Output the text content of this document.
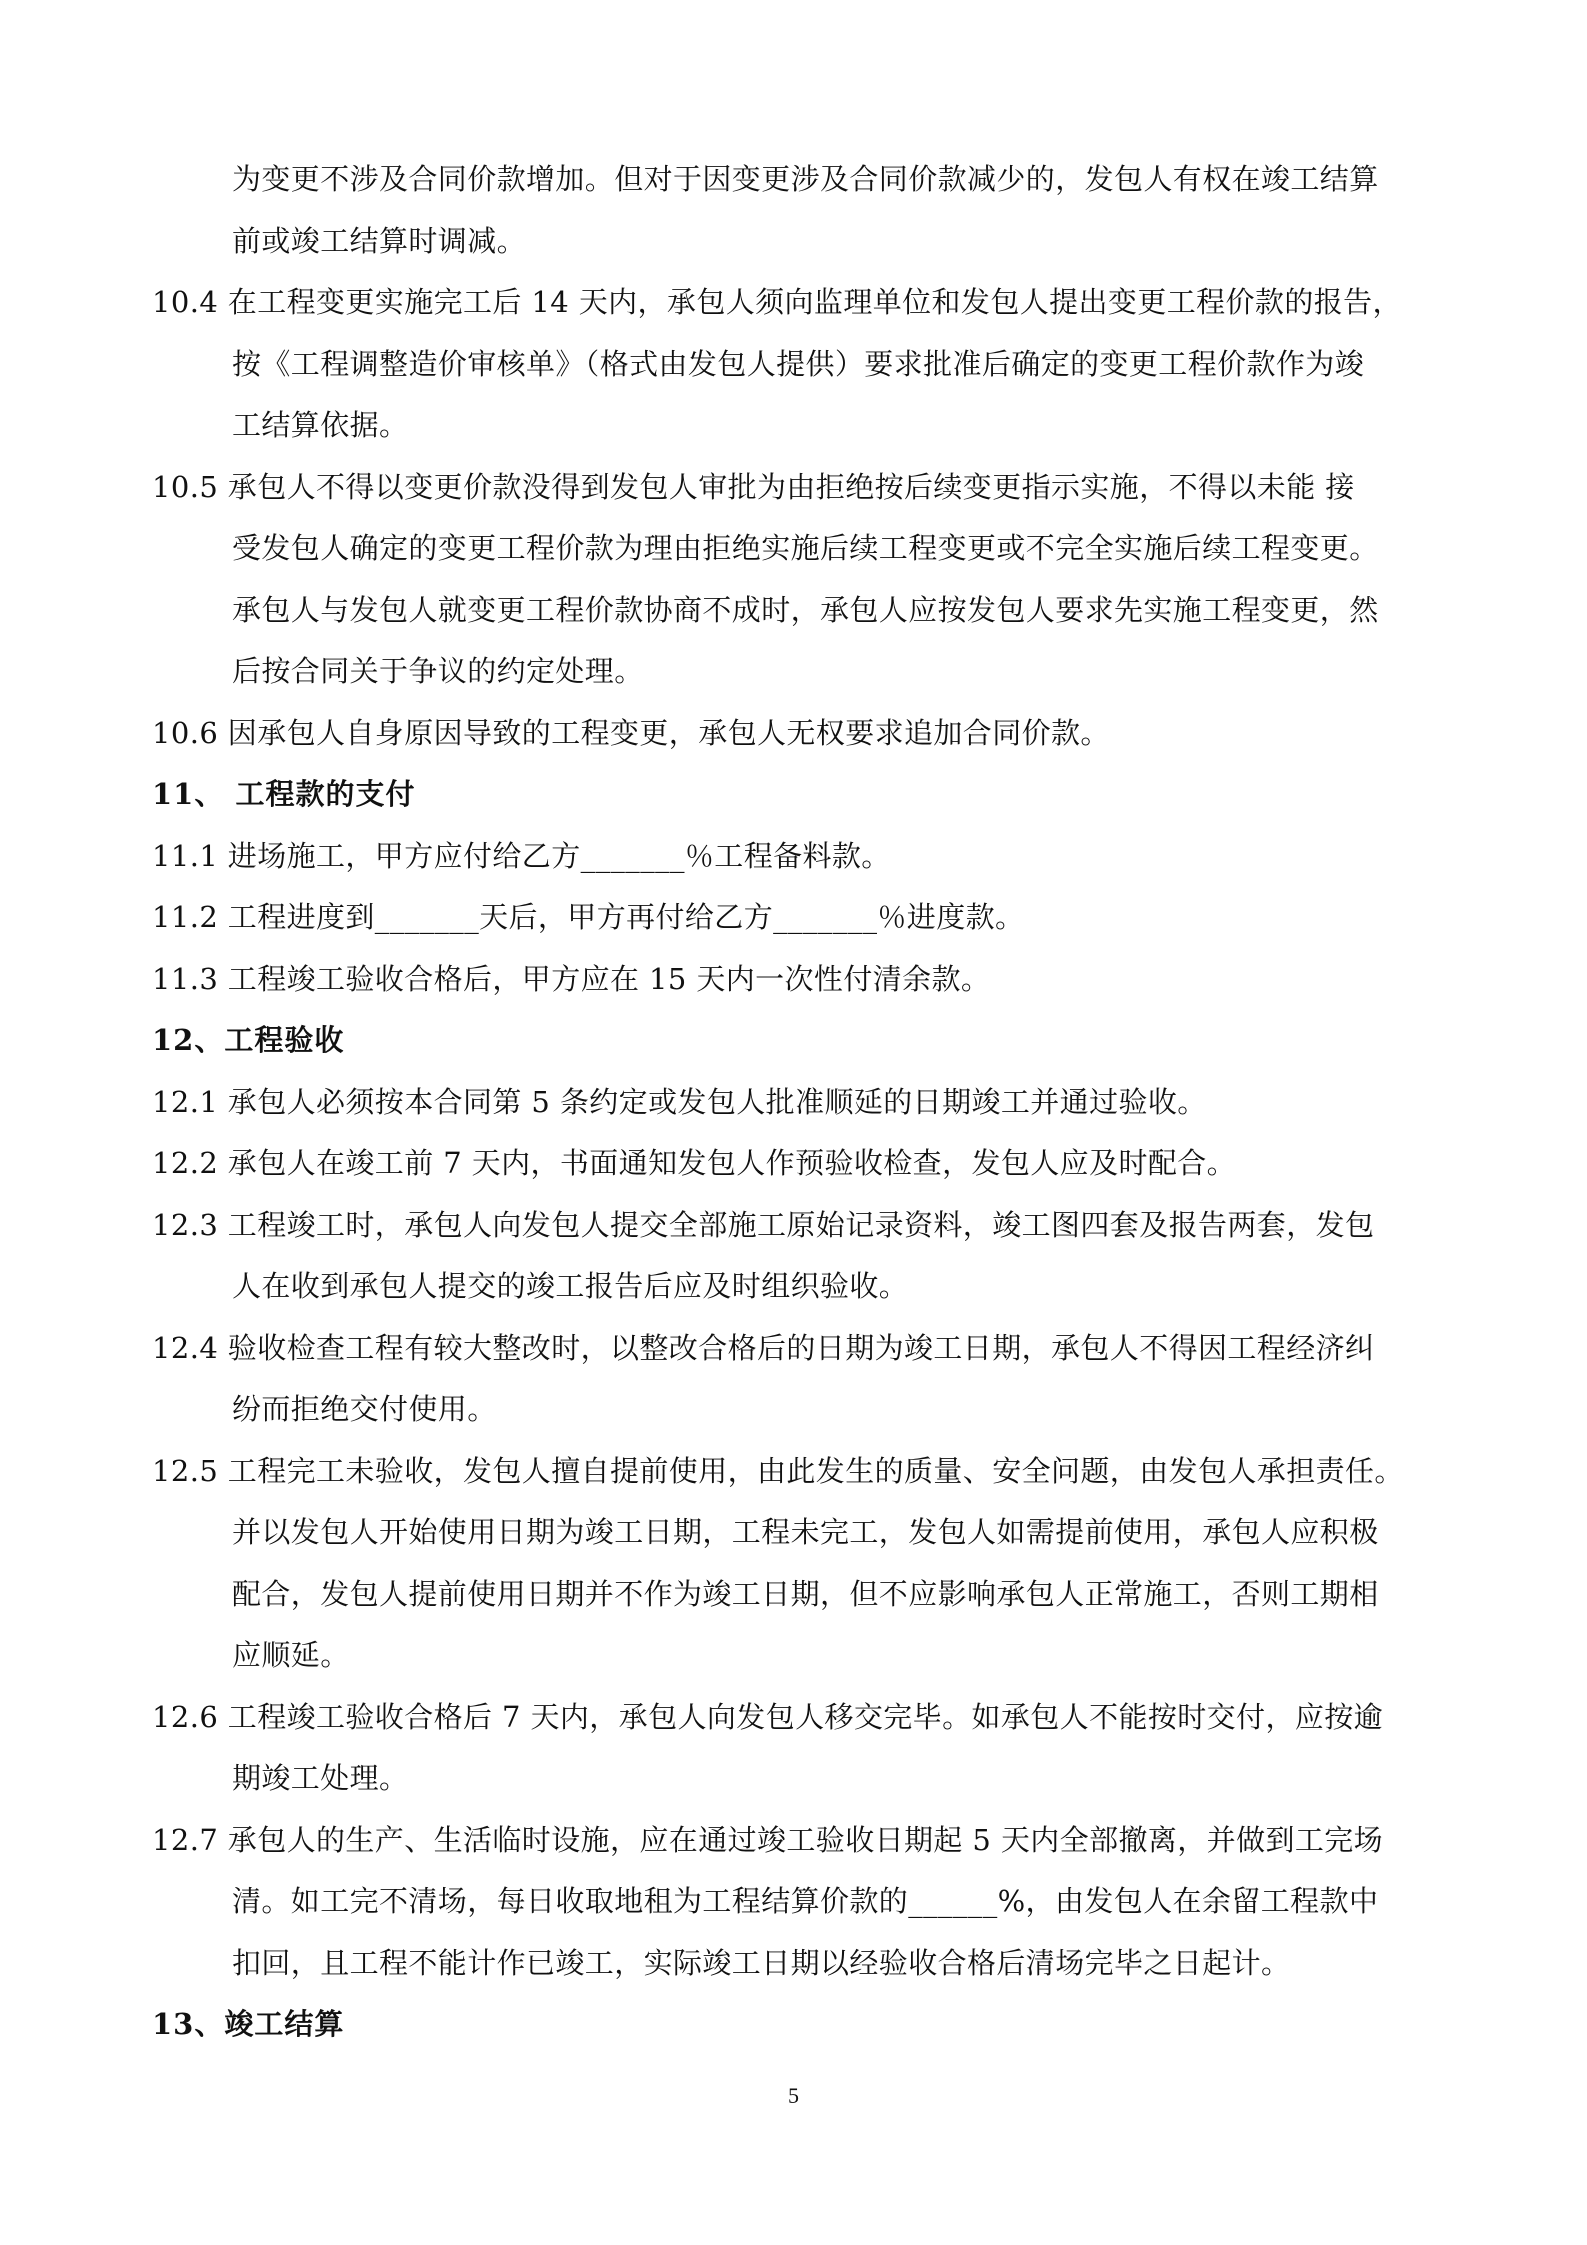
为变更不涉及合同价款增加。但对于因变更涉及合同价款减少的，发包人有权在竣工结算
前或竣工结算时调减。
10.4 在工程变更实施完工后 14 天内，承包人须向监理单位和发包人提出变更工程价款的报告，
按《工程调整造价审核单》（格式由发包人提供）要求批准后确定的变更工程价款作为竣
工结算依据。
10.5 承包人不得以变更价款没得到发包人审批为由拒绝按后续变更指示实施，不得以未能 接
受发包人确定的变更工程价款为理由拒绝实施后续工程变更或不完全实施后续工程变更。
承包人与发包人就变更工程价款协商不成时，承包人应按发包人要求先实施工程变更，然
后按合同关于争议的约定处理。
10.6 因承包人自身原因导致的工程变更，承包人无权要求追加合同价款。
11、 工程款的支付
11.1 进场施工，甲方应付给乙方_______％工程备料款。
11.2 工程进度到_______天后，甲方再付给乙方_______％进度款。
11.3 工程竣工验收合格后，甲方应在 15 天内一次性付清余款。
12、工程验收
12.1 承包人必须按本合同第 5 条约定或发包人批准顺延的日期竣工并通过验收。
12.2 承包人在竣工前 7 天内，书面通知发包人作预验收检查，发包人应及时配合。
12.3 工程竣工时，承包人向发包人提交全部施工原始记录资料，竣工图四套及报告两套，发包
人在收到承包人提交的竣工报告后应及时组织验收。
12.4 验收检查工程有较大整改时，以整改合格后的日期为竣工日期，承包人不得因工程经济纠
纷而拒绝交付使用。
12.5 工程完工未验收，发包人擅自提前使用，由此发生的质量、安全问题，由发包人承担责任。
并以发包人开始使用日期为竣工日期，工程未完工，发包人如需提前使用，承包人应积极
配合，发包人提前使用日期并不作为竣工日期，但不应影响承包人正常施工，否则工期相
应顺延。
12.6 工程竣工验收合格后 7 天内，承包人向发包人移交完毕。如承包人不能按时交付，应按逾
期竣工处理。
12.7 承包人的生产、生活临时设施，应在通过竣工验收日期起 5 天内全部撤离，并做到工完场
清。如工完不清场，每日收取地租为工程结算价款的______%，由发包人在余留工程款中
扣回，且工程不能计作已竣工，实际竣工日期以经验收合格后清场完毕之日起计。
13、竣工结算
5
